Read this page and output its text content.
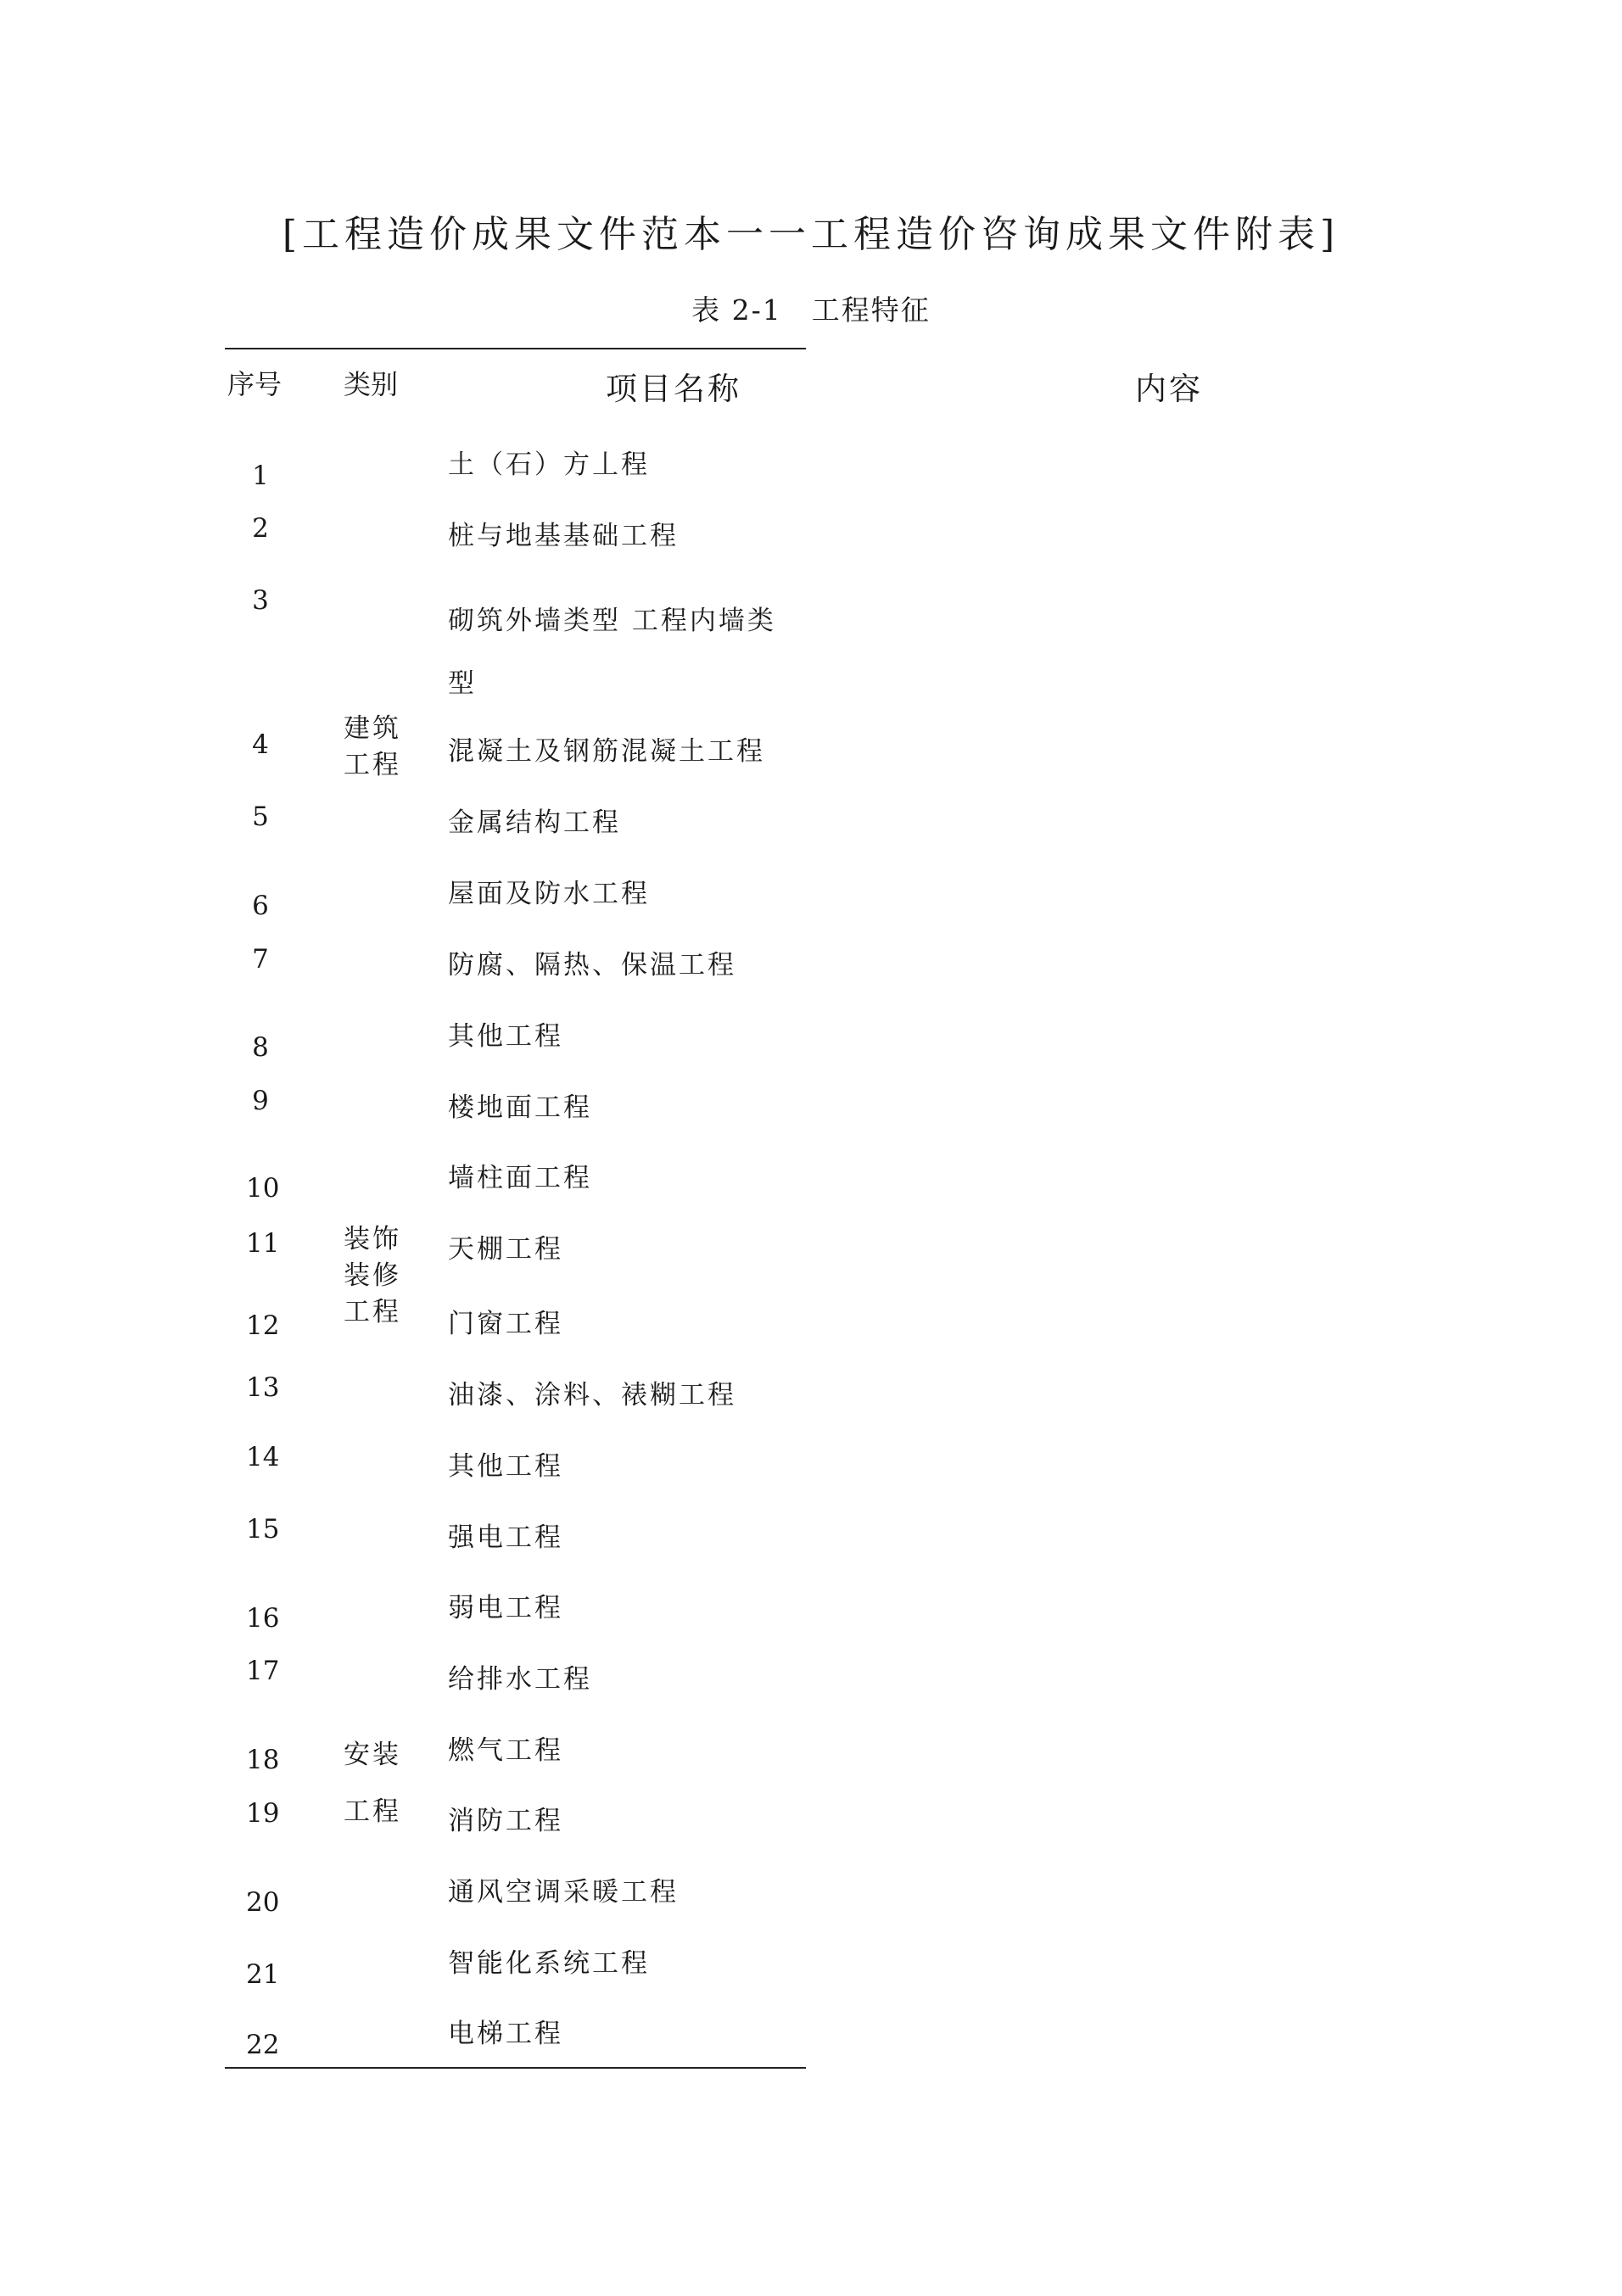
[工程造价成果文件范本一一工程造价咨询成果文件附表]
表 2-1　工程特征
序号 类别	项目名称	内容
1
2
3
4
5
6
7
8
9
10
11
12
13
14
15
16
17
18
19
20
21
22
建筑
工程
装饰
装修
工程
安装
工程
土（石）方丄程
桩与地基基础工程
砌筑外墙类型 工程内墙类
型
混凝土及钢筋混凝土工程
金属结构工程
屋面及防水工程
防腐、隔热、保温工程
其他工程
楼地面工程
墙柱面工程
天棚工程
门窗工程
油漆、涂料、裱糊工程
其他工程
强电工程
弱电工程
给排水工程
燃气工程
消防工程
通风空调采暖工程
智能化系统工程
电梯工程
